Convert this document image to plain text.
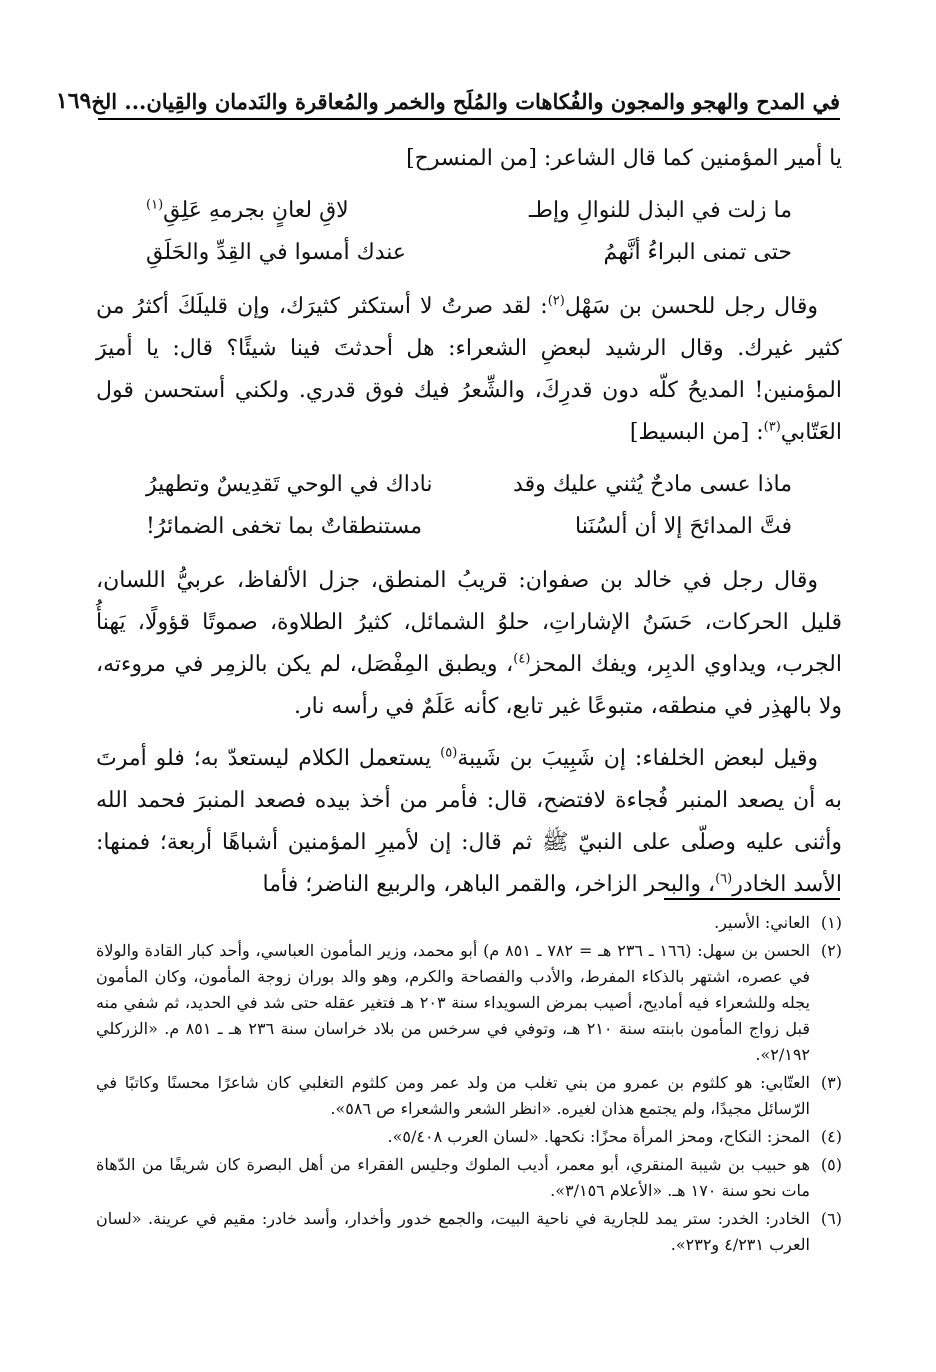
في المدح والهجو والمجون والفُكاهات والمُلَح والخمر والمُعاقرة والنَدمان والقِيان... الخ
١٦٩

يا أمير المؤمنين كما قال الشاعر: [من المنسرح]

ما زلت في البذل للنوالِ وإطـ
لاقِ لعانٍ بجرمهِ عَلِقِ$^{(١)}$
حتى تمنى البراءُ أنَّهمُ
عندك أمسوا في القِدِّ والحَلَقِ

وقال رجل للحسن بن سَهْل$^{(٢)}$: لقد صرتُ لا أستكثر كثيرَك، وإن قليلَكَ أكثرُ من كثير غيرك. وقال الرشيد لبعضِ الشعراء: هل أحدثتَ فينا شيئًا؟ قال: يا أميرَ المؤمنين! المديحُ كلّه دون قدرِكَ، والشِّعرُ فيك فوق قدري. ولكني أستحسن قول العَتّابي$^{(٣)}$: [من البسيط]

ماذا عسى مادحٌ يُثني عليك وقد
ناداك في الوحي تَقدِيسٌ وتطهيرُ
فتَّ المدائحَ إلا أن ألسُنَنا
مستنطقاتٌ بما تخفى الضمائرُ!

وقال رجل في خالد بن صفوان: قريبُ المنطق، جزل الألفاظ، عربيُّ اللسان، قليل الحركات، حَسَنُ الإشاراتِ، حلوُ الشمائل، كثيرُ الطلاوة، صموتًا قؤولًا، يَهنأُ الجرب، ويداوي الدبِر، ويفك المحز$^{(٤)}$، ويطبق المِفْصَل، لم يكن بالزمِر في مروءته، ولا بالهذِر في منطقه، متبوعًا غير تابع، كأنه عَلَمٌ في رأسه نار.

وقيل لبعض الخلفاء: إن شَبِيبَ بن شَيبة$^{(٥)}$ يستعمل الكلام ليستعدّ به؛ فلو أمرتَ به أن يصعد المنبر فُجاءة لافتضح، قال: فأمر من أخذ بيده فصعد المنبرَ فحمد الله وأثنى عليه وصلّى على النبيّ ﷺ ثم قال: إن لأميرِ المؤمنين أشباهًا أربعة؛ فمنها: الأسد الخادر$^{(٦)}$، والبحر الزاخر، والقمر الباهر، والربيع الناضر؛ فأما

(١)
العاني: الأسير.
(٢)
الحسن بن سهل: (١٦٦ ـ ٢٣٦ هـ = ٧٨٢ ـ ٨٥١ م) أبو محمد، وزير المأمون العباسي، وأحد كبار القادة والولاة في عصره، اشتهر بالذكاء المفرط، والأدب والفصاحة والكرم، وهو والد بوران زوجة المأمون، وكان المأمون يجله وللشعراء فيه أماديح، أصيب بمرض السويداء سنة ٢٠٣ هـ فتغير عقله حتى شد في الحديد، ثم شفي منه قبل زواج المأمون بابنته سنة ٢١٠ هـ، وتوفي في سرخس من بلاد خراسان سنة ٢٣٦ هـ ـ ٨٥١ م. «الزركلي ٢/١٩٢».
(٣)
العتّابي: هو كلثوم بن عمرو من بني تغلب من ولد عمر ومن كلثوم التغلبي كان شاعرًا محسنًا وكاتبًا في الرّسائل مجيدًا، ولم يجتمع هذان لغيره. «انظر الشعر والشعراء ص ٥٨٦».
(٤)
المحز: النكاح، ومحز المرأة محزًا: نكحها. «لسان العرب ٥/٤٠٨».
(٥)
هو حبيب بن شيبة المنقري، أبو معمر، أديب الملوك وجليس الفقراء من أهل البصرة كان شريفًا من الدّهاة مات نحو سنة ١٧٠ هـ. «الأعلام ٣/١٥٦».
(٦)
الخادر: الخدر: ستر يمد للجارية في ناحية البيت، والجمع خدور وأخدار، وأسد خادر: مقيم في عرينة. «لسان العرب ٤/٢٣١ و٢٣٢».
